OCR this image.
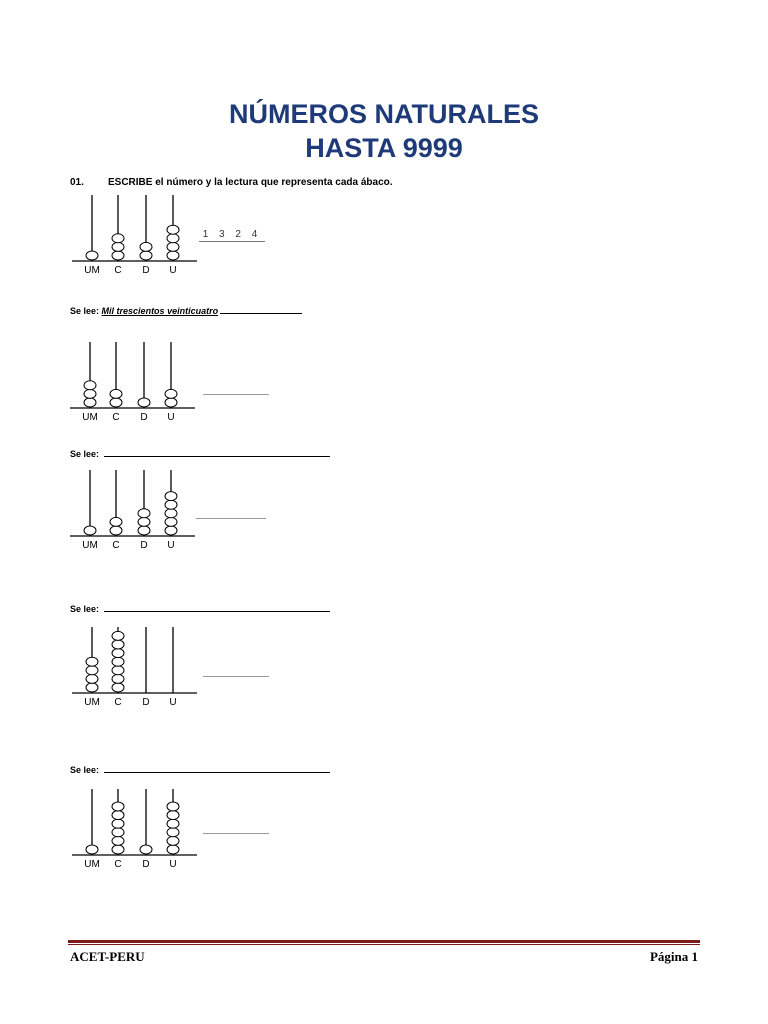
NÚMEROS NATURALES
HASTA 9999
01. ESCRIBE el número y la lectura que representa cada ábaco.
UM C D U
1 3 2 4
Se lee: Mil trescientos veinticuatro
UM C D U
Se lee:
UM C D U
Se lee:
UM C D U
Se lee:
UM C D U
ACET-PERU	Página 1
